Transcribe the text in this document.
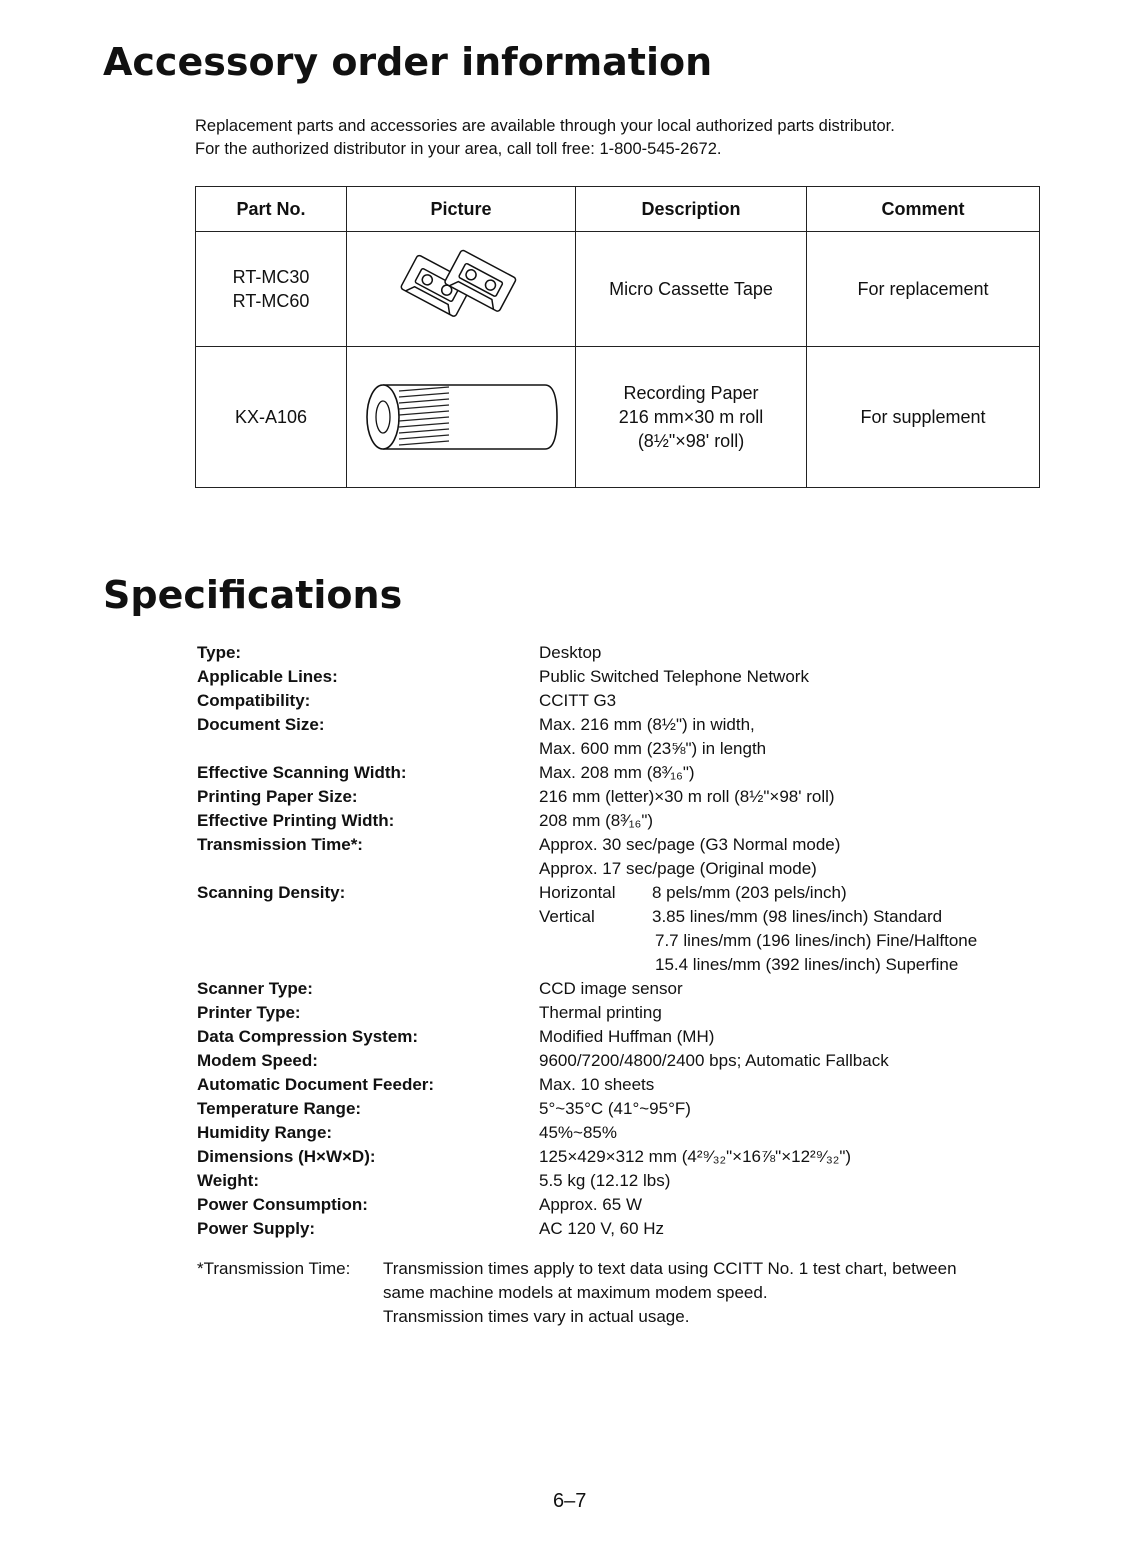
Accessory order information
Replacement parts and accessories are available through your local authorized parts distributor.
For the authorized distributor in your area, call toll free: 1-800-545-2672.
Part No.	Picture	Description	Comment

RT-MC30
RT-MC60		Micro Cassette Tape	For replacement

KX-A106		Recording Paper
216 mm×30 m roll
(8½"×98' roll)	For supplement
Specifications
Type:	Desktop
Applicable Lines:	Public Switched Telephone Network
Compatibility:	CCITT G3
Document Size:	Max. 216 mm (8½") in width,
Max. 600 mm (23⅝") in length
Effective Scanning Width:	Max. 208 mm (8³⁄₁₆")
Printing Paper Size:	216 mm (letter)×30 m roll (8½"×98' roll)
Effective Printing Width:	208 mm (8³⁄₁₆")
Transmission Time*:	Approx. 30 sec/page (G3 Normal mode)
Approx. 17 sec/page (Original mode)
Scanning Density:	Horizontal 8 pels/mm (203 pels/inch)
Vertical	3.85 lines/mm (98 lines/inch) Standard
7.7 lines/mm (196 lines/inch) Fine/Halftone
15.4 lines/mm (392 lines/inch) Superfine
Scanner Type:	CCD image sensor
Printer Type:	Thermal printing
Data Compression System:	Modified Huffman (MH)
Modem Speed:	9600/7200/4800/2400 bps; Automatic Fallback
Automatic Document Feeder:	Max. 10 sheets
Temperature Range:	5°~35°C (41°~95°F)
Humidity Range:	45%~85%
Dimensions (H×W×D):	125×429×312 mm (4²⁹⁄₃₂"×16⅞"×12²⁹⁄₃₂")
Weight:	5.5 kg (12.12 lbs)
Power Consumption:	Approx. 65 W
Power Supply:	AC 120 V, 60 Hz
*Transmission Time: Transmission times apply to text data using CCITT No. 1 test chart, between
same machine models at maximum modem speed.
Transmission times vary in actual usage.
6–7
